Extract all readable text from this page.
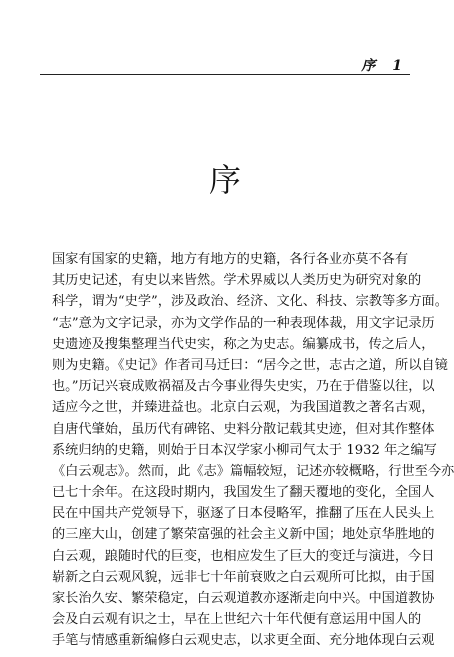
序 1
序
国家有国家的史籍，地方有地方的史籍，各行各业亦莫不各有
其历史记述，有史以来皆然。学术界威以人类历史为研究对象的
科学，谓为“史学”，涉及政治、经济、文化、科技、宗教等多方面。
“志”意为文字记录，亦为文学作品的一种表现体裁，用文字记录历
史遗迹及搜集整理当代史实，称之为史志。编纂成书，传之后人，
则为史籍。《史记》作者司马迁曰：“居今之世，志古之道，所以自镜
也。”历记兴衰成败祸福及古今事业得失史实，乃在于借鉴以往，以
适应今之世，并臻进益也。北京白云观，为我国道教之著名古观，
自唐代肇始，虽历代有碑铭、史料分散记载其史迹，但对其作整体
系统归纳的史籍，则始于日本汉学家小柳司气太于 1932 年之编写
《白云观志》。然而，此《志》篇幅较短，记述亦较概略，行世至今亦
已七十余年。在这段时期内，我国发生了翻天覆地的变化，全国人
民在中国共产党领导下，驱逐了日本侵略军，推翻了压在人民头上
的三座大山，创建了繁荣富强的社会主义新中国；地处京华胜地的
白云观，踉随时代的巨变，也相应发生了巨大的变迁与演进，今日
崭新之白云观风貌，远非七十年前衰败之白云观所可比拟，由于国
家长治久安、繁荣稳定，白云观道教亦逐渐走向中兴。中国道教协
会及白云观有识之士，早在上世纪六十年代便有意运用中国人的
手笔与情感重新编修白云观史志，以求更全面、充分地体现白云观
